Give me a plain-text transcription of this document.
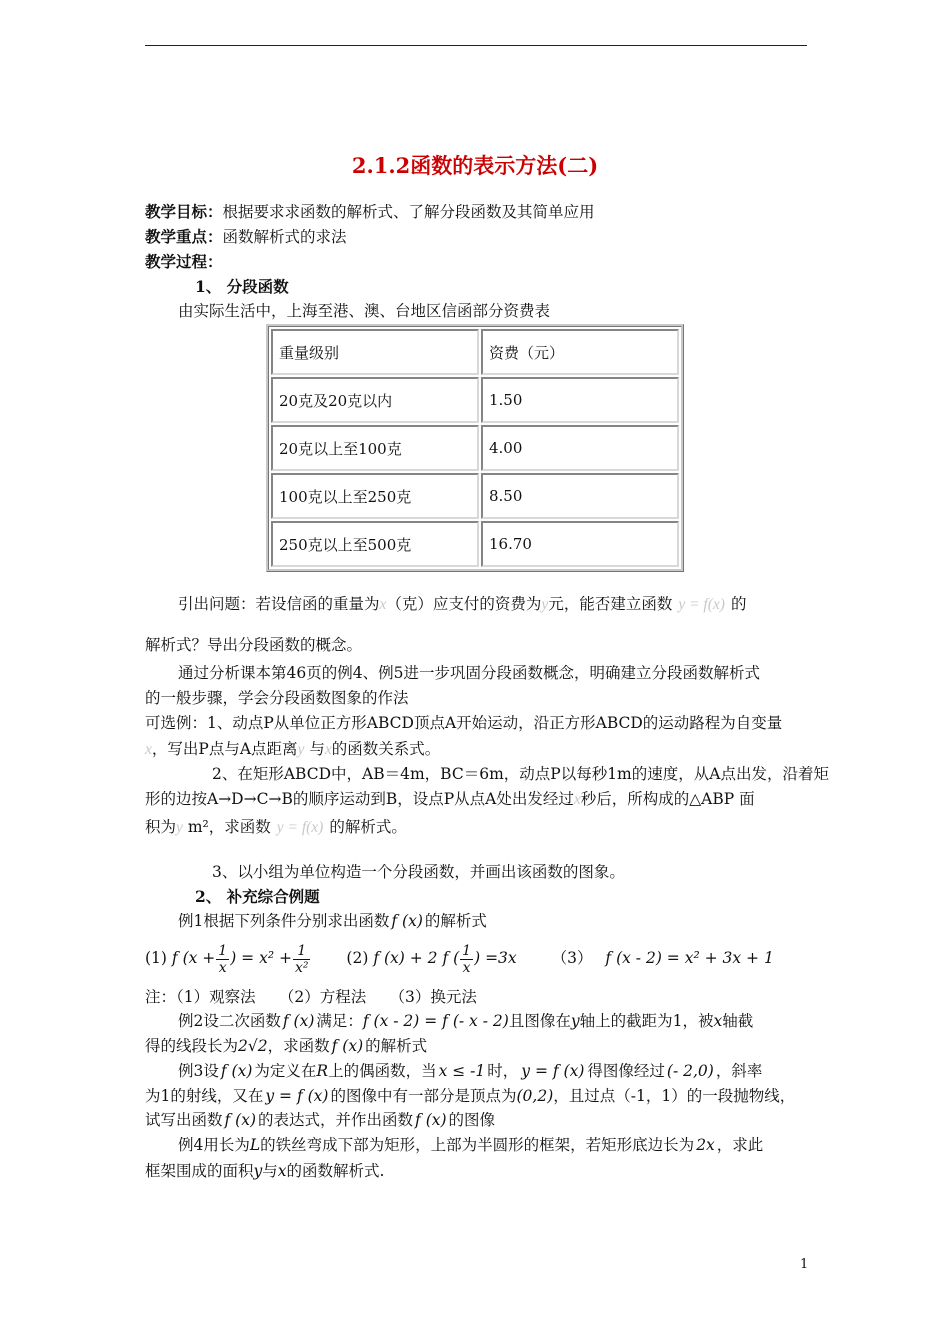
2.1.2函数的表示方法(二)
教学目标：根据要求求函数的解析式、了解分段函数及其简单应用
教学重点：函数解析式的求法
教学过程：
1、 分段函数
由实际生活中，上海至港、澳、台地区信函部分资费表
重量级别	资费（元）
20克及20克以内	1.50
20克以上至100克	4.00
100克以上至250克	8.50
250克以上至500克	16.70
引出问题：若设信函的重量为x（克）应支付的资费为y元，能否建立函数 y = f(x) 的
解析式？导出分段函数的概念。
通过分析课本第46页的例4、例5进一步巩固分段函数概念，明确建立分段函数解析式
的一般步骤，学会分段函数图象的作法
可选例：1、动点P从单位正方形ABCD顶点A开始运动，沿正方形ABCD的运动路程为自变量
x，写出P点与A点距离y 与x的函数关系式。
2、在矩形ABCD中，AB＝4m，BC＝6m，动点P以每秒1m的速度，从A点出发，沿着矩
形的边按A→D→C→B的顺序运动到B，设点P从点A处出发经过x秒后，所构成的△ABP 面
积为y m²，求函数 y = f(x) 的解析式。
3、以小组为单位构造一个分段函数，并画出该函数的图象。
2、 补充综合例题
例1根据下列条件分别求出函数 f (x) 的解析式
(1) f ($x + \frac{1}{x}$ ) = $x^2 + \frac{1}{\text{x²}} (2)$ f (x) + 2 f ( $\frac{1}{x}$ ) =3x （3） f (x - 2) = x² + 3x + 1
注：（1）观察法　　（2）方程法　　（3）换元法
例2设二次函数 f (x) 满足：f (x - 2) = f (- x - 2)且图像在y轴上的截距为1，被x轴截
得的线段长为2√2，求函数 f (x) 的解析式
例3设 f (x) 为定义在R上的偶函数，当 x ≤ -1 时， y = f (x) 得图像经过 (- 2,0) ，斜率
为1的射线，又在 y = f (x) 的图像中有一部分是顶点为(0,2)，且过点（-1，1）的一段抛物线，
试写出函数 f (x) 的表达式，并作出函数 f (x) 的图像
例4用长为L的铁丝弯成下部为矩形，上部为半圆形的框架，若矩形底边长为 2x ，求此
框架围成的面积y与x的函数解析式.
1
